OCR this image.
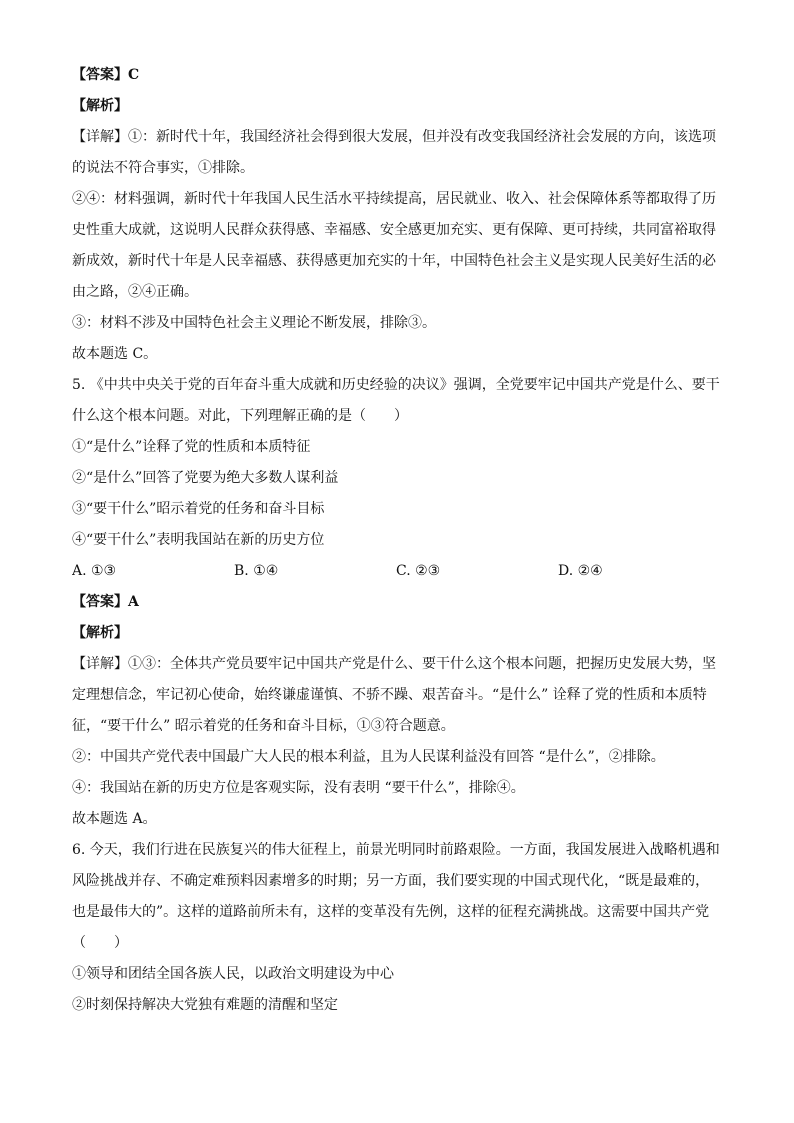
【答案】C
【解析】
【详解】①：新时代十年，我国经济社会得到很大发展，但并没有改变我国经济社会发展的方向，该选项
的说法不符合事实，①排除。
②④：材料强调，新时代十年我国人民生活水平持续提高，居民就业、收入、社会保障体系等都取得了历
史性重大成就，这说明人民群众获得感、幸福感、安全感更加充实、更有保障、更可持续，共同富裕取得
新成效，新时代十年是人民幸福感、获得感更加充实的十年，中国特色社会主义是实现人民美好生活的必
由之路，②④正确。
③：材料不涉及中国特色社会主义理论不断发展，排除③。
故本题选 C。
5. 《中共中央关于党的百年奋斗重大成就和历史经验的决议》强调，全党要牢记中国共产党是什么、要干
什么这个根本问题。对此，下列理解正确的是（　　）
①“是什么”诠释了党的性质和本质特征
②“是什么”回答了党要为绝大多数人谋利益
③“要干什么”昭示着党的任务和奋斗目标
④“要干什么”表明我国站在新的历史方位
A. ①③	B. ①④	C. ②③	D. ②④
【答案】A
【解析】
【详解】①③：全体共产党员要牢记中国共产党是什么、要干什么这个根本问题，把握历史发展大势，坚
定理想信念，牢记初心使命，始终谦虚谨慎、不骄不躁、艰苦奋斗。“是什么” 诠释了党的性质和本质特
征，“要干什么” 昭示着党的任务和奋斗目标，①③符合题意。
②：中国共产党代表中国最广大人民的根本利益，且为人民谋利益没有回答 “是什么”，②排除。
④：我国站在新的历史方位是客观实际，没有表明 “要干什么”，排除④。
故本题选 A。
6. 今天，我们行进在民族复兴的伟大征程上，前景光明同时前路艰险。一方面，我国发展进入战略机遇和
风险挑战并存、不确定难预料因素增多的时期；另一方面，我们要实现的中国式现代化，“既是最难的，
也是最伟大的”。这样的道路前所未有，这样的变革没有先例，这样的征程充满挑战。这需要中国共产党
（　　）
①领导和团结全国各族人民，以政治文明建设为中心
②时刻保持解决大党独有难题的清醒和坚定
